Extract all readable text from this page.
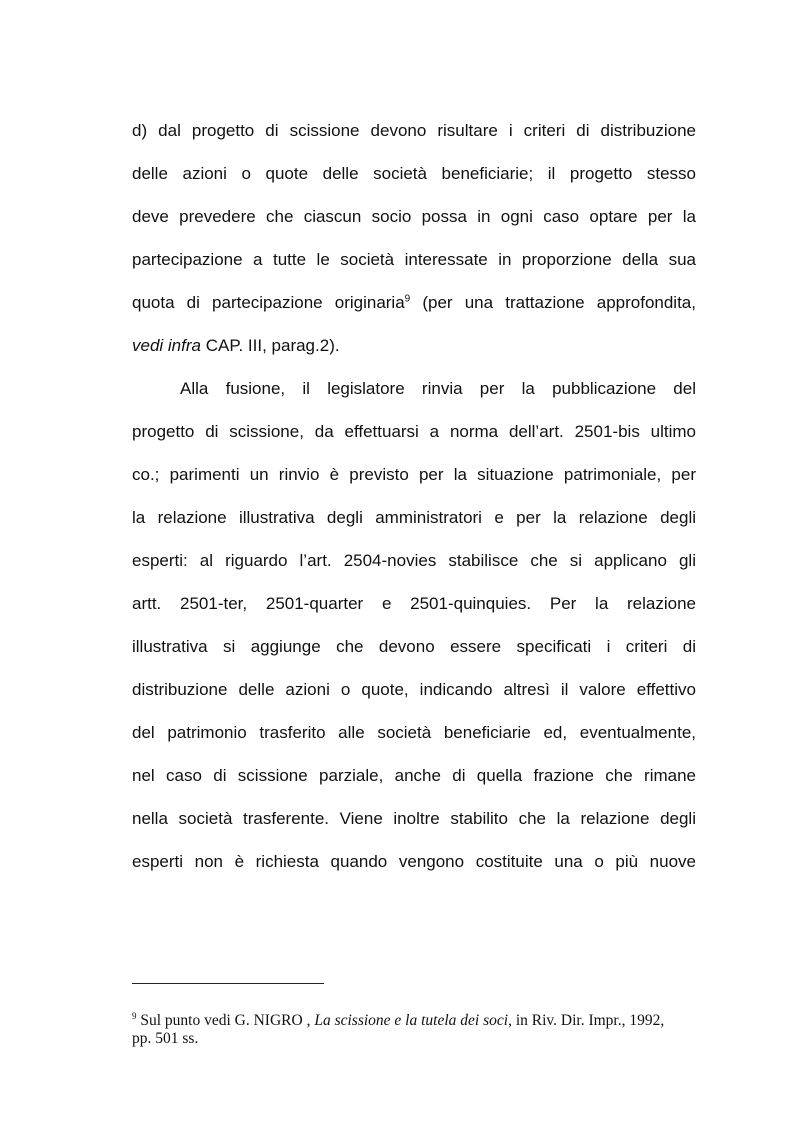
d) dal progetto di scissione devono risultare i criteri di distribuzione
delle azioni o quote delle società beneficiarie; il progetto stesso
deve prevedere che ciascun socio possa in ogni caso optare per la
partecipazione a tutte le società interessate in proporzione della sua
quota di partecipazione originaria$^9$ (per una trattazione approfondita,
vedi infra CAP. III, parag.2).
Alla fusione, il legislatore rinvia per la pubblicazione del
progetto di scissione, da effettuarsi a norma dell’art. 2501-bis ultimo
co.; parimenti un rinvio è previsto per la situazione patrimoniale, per
la relazione illustrativa degli amministratori e per la relazione degli
esperti: al riguardo l’art. 2504-novies stabilisce che si applicano gli
artt. 2501-ter, 2501-quarter e 2501-quinquies. Per la relazione
illustrativa si aggiunge che devono essere specificati i criteri di
distribuzione delle azioni o quote, indicando altresì il valore effettivo
del patrimonio trasferito alle società beneficiarie ed, eventualmente,
nel caso di scissione parziale, anche di quella frazione che rimane
nella società trasferente. Viene inoltre stabilito che la relazione degli
esperti non è richiesta quando vengono costituite una o più nuove
$^9$ Sul punto vedi G. NIGRO , La scissione e la tutela dei soci, in Riv. Dir. Impr., 1992,
pp. 501 ss.
